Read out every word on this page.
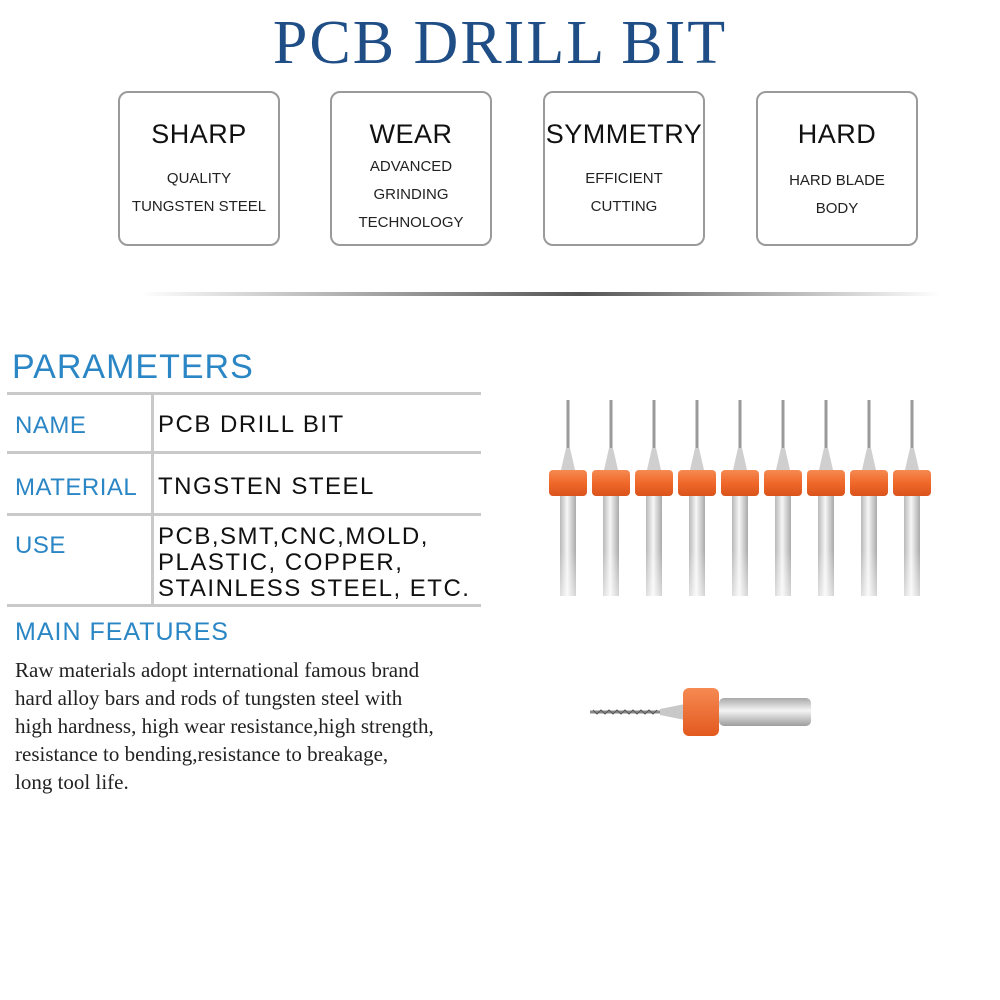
PCB DRILL BIT
SHARP
QUALITY
TUNGSTEN STEEL
WEAR
ADVANCED
GRINDING
TECHNOLOGY
SYMMETRY
EFFICIENT
CUTTING
HARD
HARD BLADE
BODY
PARAMETERS
NAME	PCB DRILL BIT
MATERIAL TNGSTEN STEEL
USE	PCB,SMT,CNC,MOLD,
PLASTIC, COPPER,
STAINLESS STEEL, ETC.
MAIN FEATURES
Raw materials adopt international famous brand
hard alloy bars and rods of tungsten steel with
high hardness, high wear resistance,high strength,
resistance to bending,resistance to breakage,
long tool life.
